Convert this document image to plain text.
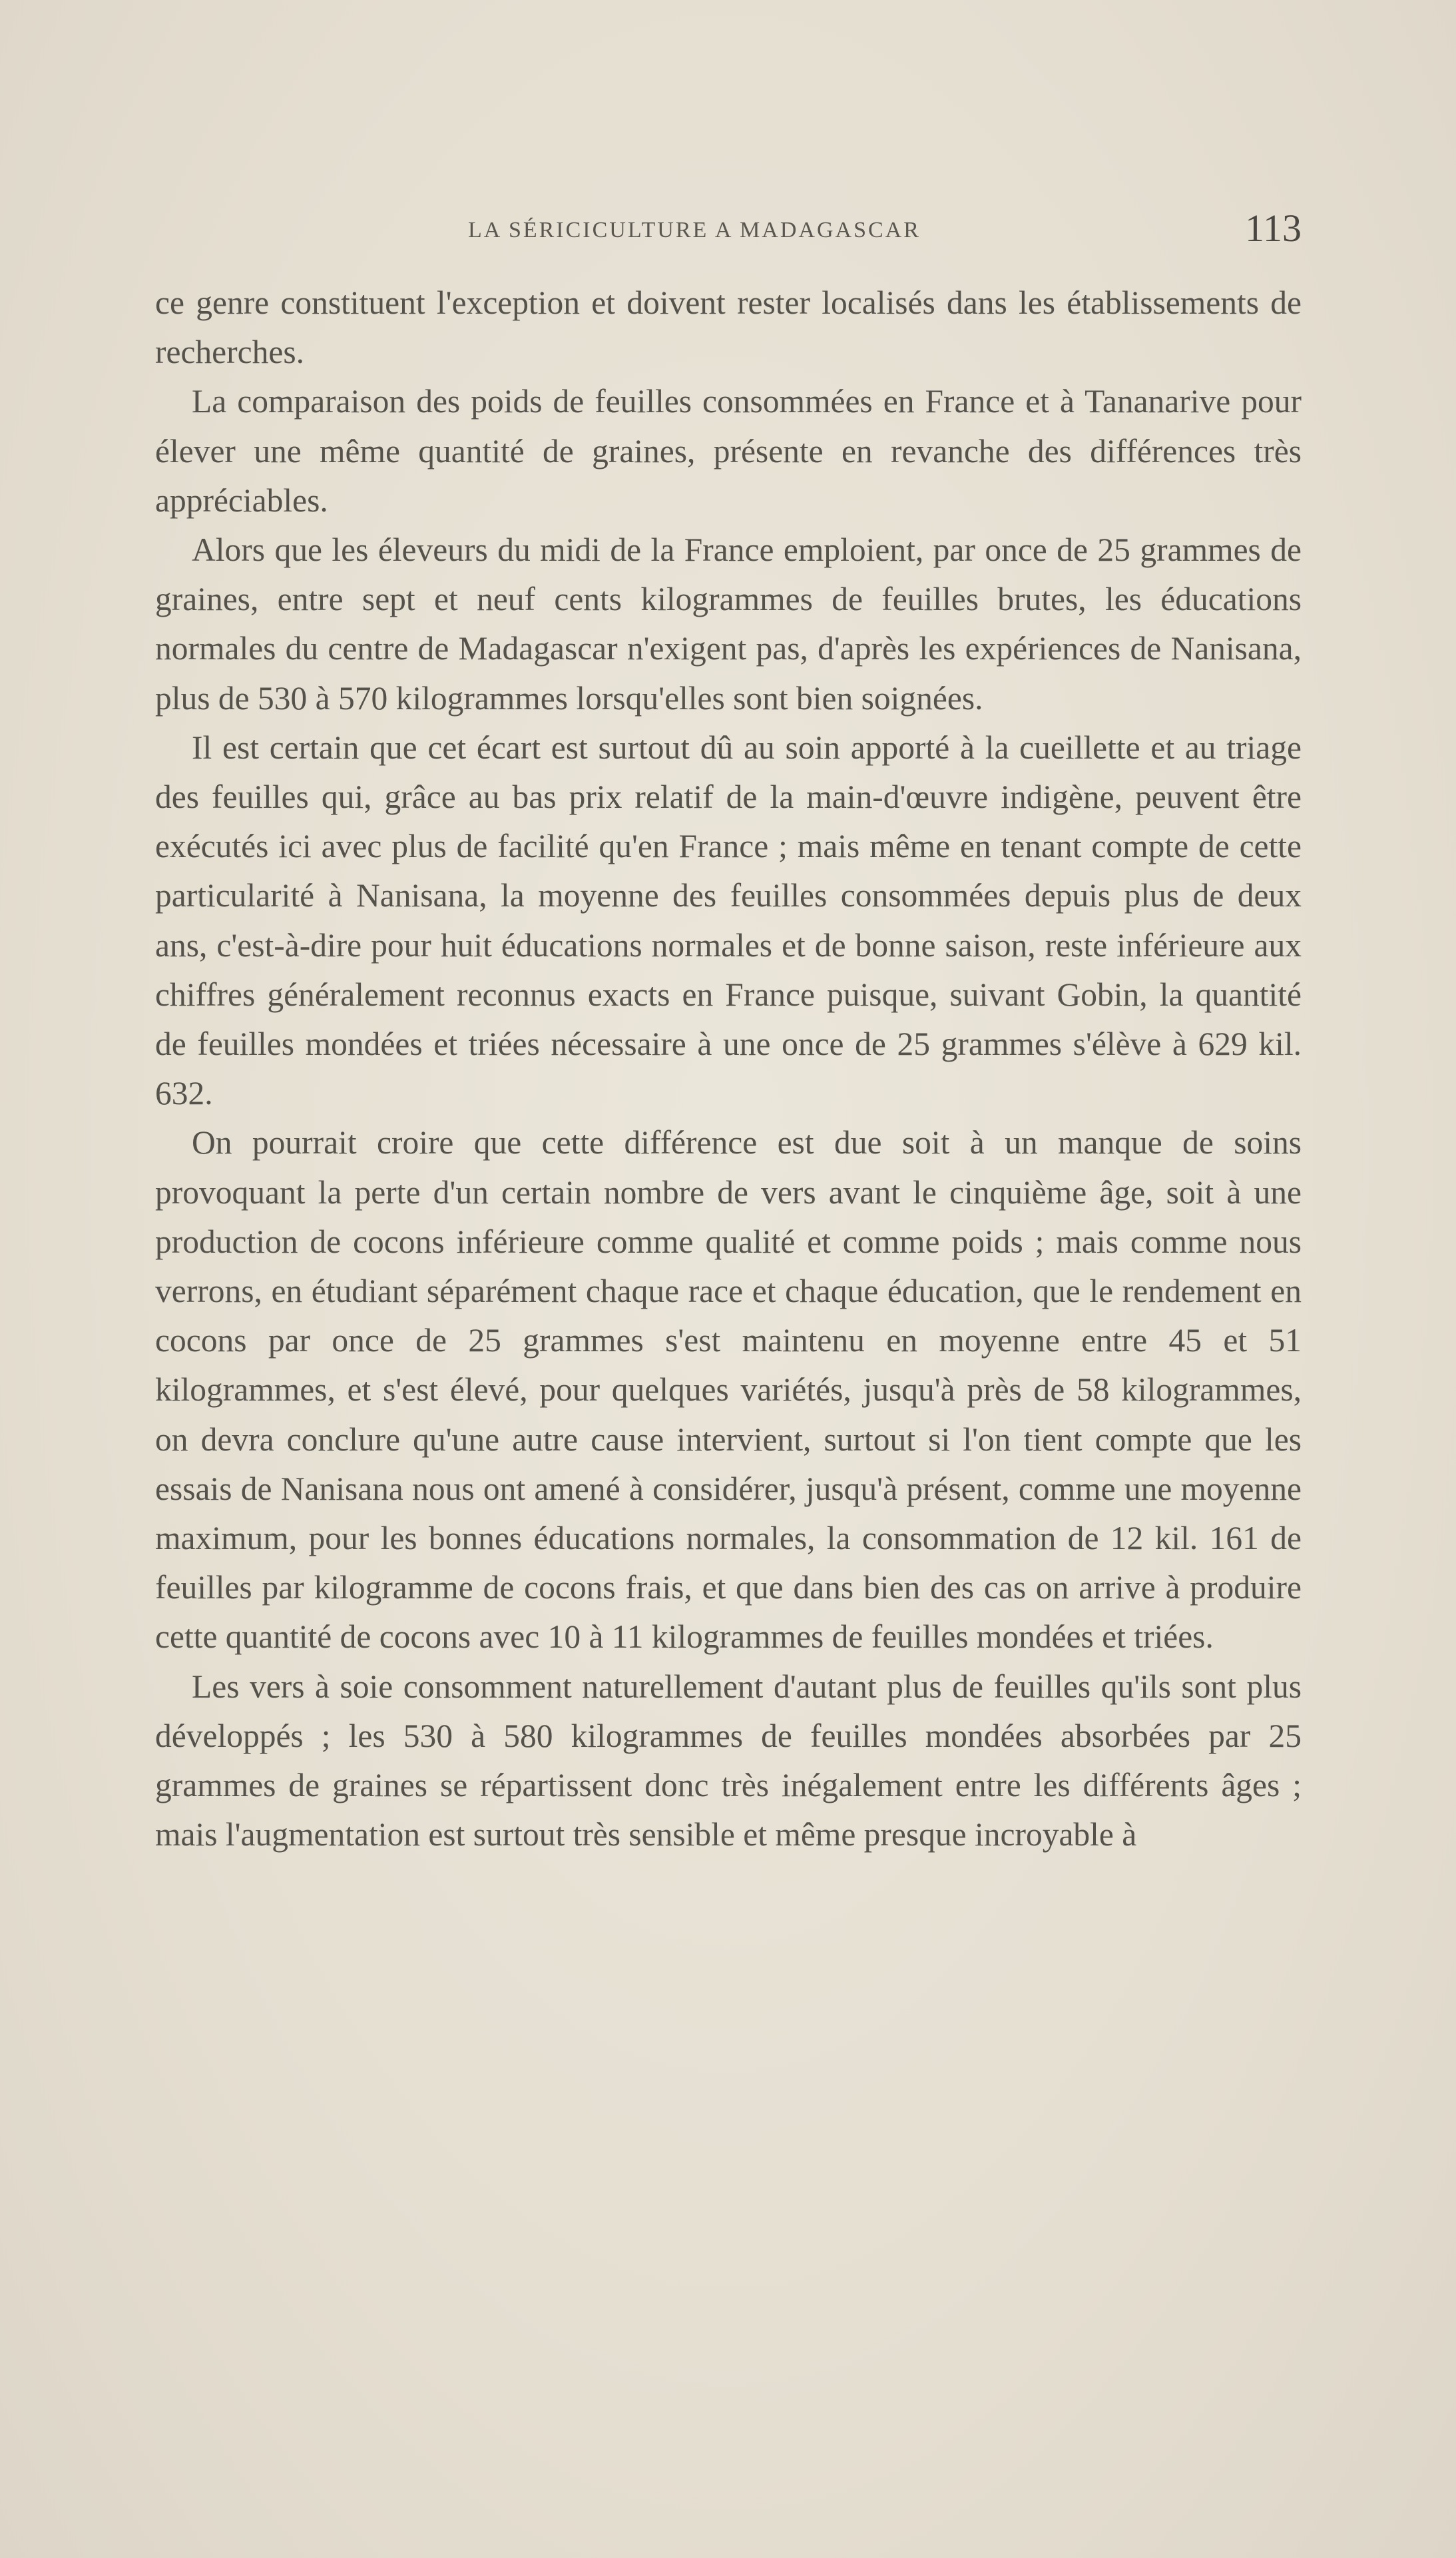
LA SÉRICICULTURE A MADAGASCAR	113

ce genre constituent l'exception et doivent rester localisés dans les établissements de recherches.

La comparaison des poids de feuilles consommées en France et à Tananarive pour élever une même quantité de graines, présente en revanche des différences très appréciables.

Alors que les éleveurs du midi de la France emploient, par once de 25 grammes de graines, entre sept et neuf cents kilogrammes de feuilles brutes, les éducations normales du centre de Madagascar n'exigent pas, d'après les expériences de Nanisana, plus de 530 à 570 kilogrammes lorsqu'elles sont bien soignées.

Il est certain que cet écart est surtout dû au soin apporté à la cueillette et au triage des feuilles qui, grâce au bas prix relatif de la main-d'œuvre indigène, peuvent être exécutés ici avec plus de facilité qu'en France ; mais même en tenant compte de cette particularité à Nanisana, la moyenne des feuilles consommées depuis plus de deux ans, c'est-à-dire pour huit éducations normales et de bonne saison, reste inférieure aux chiffres généralement reconnus exacts en France puisque, suivant Gobin, la quantité de feuilles mondées et triées nécessaire à une once de 25 grammes s'élève à 629 kil. 632.

On pourrait croire que cette différence est due soit à un manque de soins provoquant la perte d'un certain nombre de vers avant le cinquième âge, soit à une production de cocons inférieure comme qualité et comme poids ; mais comme nous verrons, en étudiant séparément chaque race et chaque éducation, que le rendement en cocons par once de 25 grammes s'est maintenu en moyenne entre 45 et 51 kilogrammes, et s'est élevé, pour quelques variétés, jusqu'à près de 58 kilogrammes, on devra conclure qu'une autre cause intervient, surtout si l'on tient compte que les essais de Nanisana nous ont amené à considérer, jusqu'à présent, comme une moyenne maximum, pour les bonnes éducations normales, la consommation de 12 kil. 161 de feuilles par kilogramme de cocons frais, et que dans bien des cas on arrive à produire cette quantité de cocons avec 10 à 11 kilogrammes de feuilles mondées et triées.

Les vers à soie consomment naturellement d'autant plus de feuilles qu'ils sont plus développés ; les 530 à 580 kilogrammes de feuilles mondées absorbées par 25 grammes de graines se répartissent donc très inégalement entre les différents âges ; mais l'augmentation est surtout très sensible et même presque incroyable à
